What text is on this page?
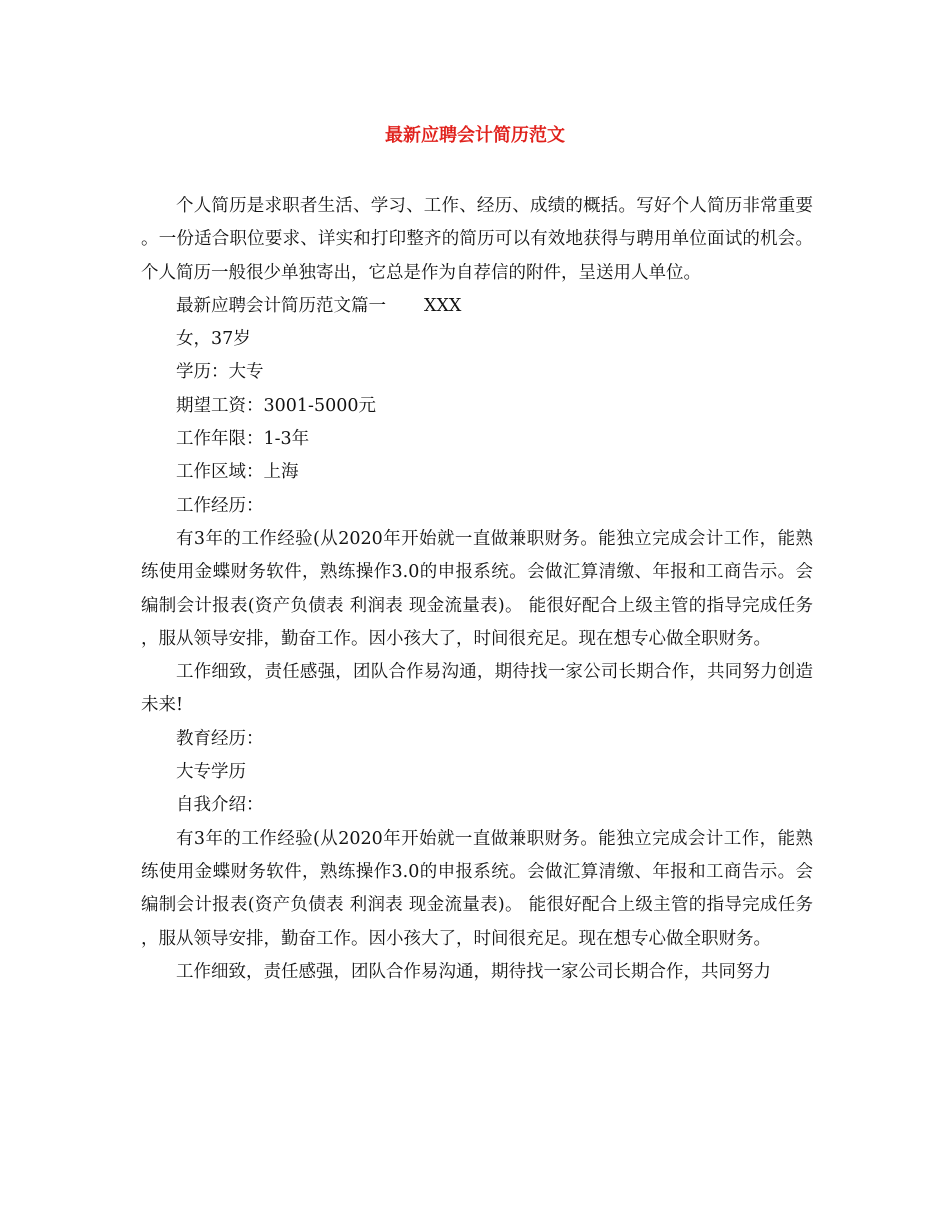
最新应聘会计简历范文

个人简历是求职者生活、学习、工作、经历、成绩的概括。写好个人简历非常重要。一份适合职位要求、详实和打印整齐的简历可以有效地获得与聘用单位面试的机会。个人简历一般很少单独寄出，它总是作为自荐信的附件，呈送用人单位。

最新应聘会计简历范文篇一 XXX

女，37岁

学历：大专

期望工资：3001-5000元

工作年限：1-3年

工作区域：上海

工作经历：

有3年的工作经验(从2020年开始就一直做兼职财务。能独立完成会计工作，能熟练使用金蝶财务软件，熟练操作3.0的申报系统。会做汇算清缴、年报和工商告示。会编制会计报表(资产负债表 利润表 现金流量表)。 能很好配合上级主管的指导完成任务，服从领导安排，勤奋工作。因小孩大了，时间很充足。现在想专心做全职财务。

工作细致，责任感强，团队合作易沟通，期待找一家公司长期合作，共同努力创造未来!

教育经历：

大专学历

自我介绍：

有3年的工作经验(从2020年开始就一直做兼职财务。能独立完成会计工作，能熟练使用金蝶财务软件，熟练操作3.0的申报系统。会做汇算清缴、年报和工商告示。会编制会计报表(资产负债表 利润表 现金流量表)。 能很好配合上级主管的指导完成任务，服从领导安排，勤奋工作。因小孩大了，时间很充足。现在想专心做全职财务。

工作细致，责任感强，团队合作易沟通，期待找一家公司长期合作，共同努力
